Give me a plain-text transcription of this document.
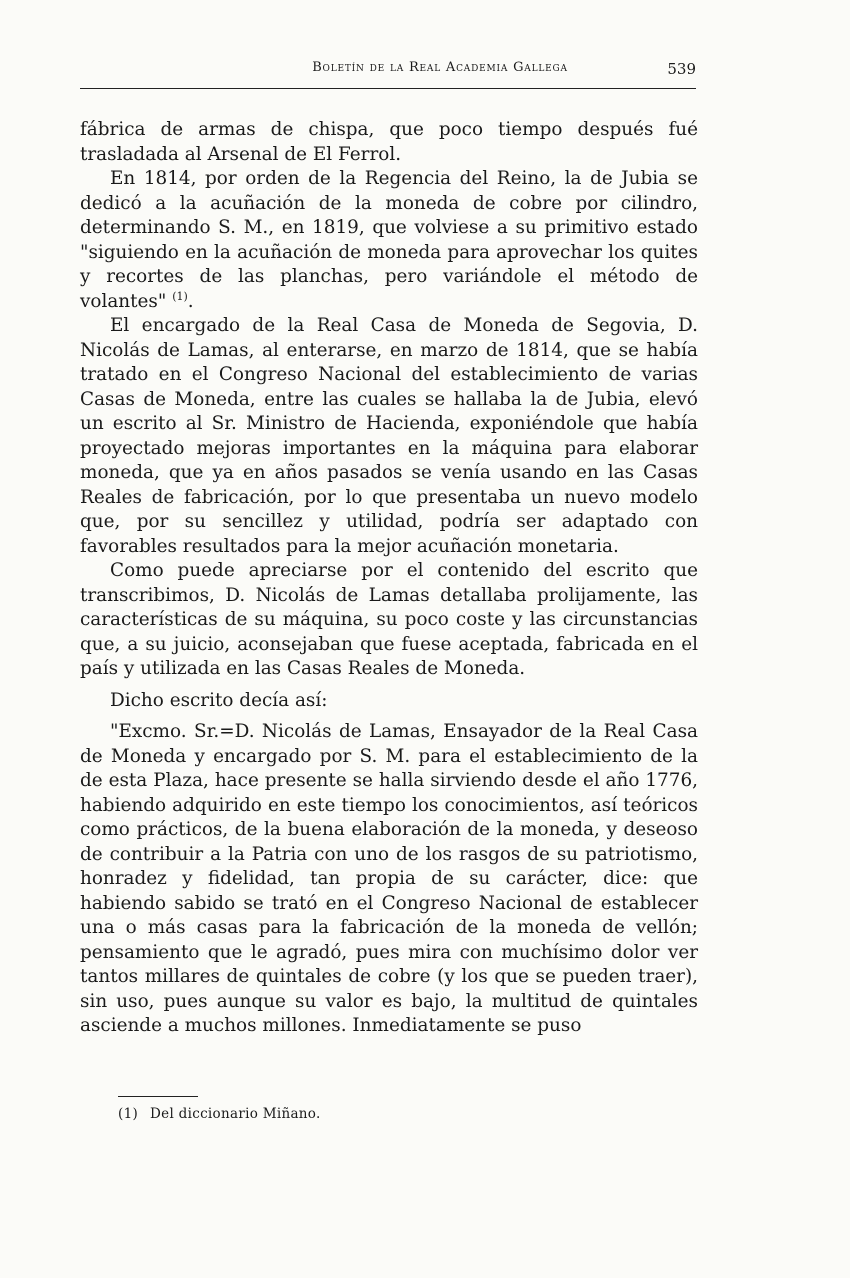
Boletín de la Real Academia Gallega	539

fábrica de armas de chispa, que poco tiempo después fué trasladada al Arsenal de El Ferrol.

En 1814, por orden de la Regencia del Reino, la de Jubia se dedicó a la acuñación de la moneda de cobre por cilindro, determinando S. M., en 1819, que volviese a su primitivo estado "siguiendo en la acuñación de moneda para aprovechar los quites y recortes de las planchas, pero variándole el método de volantes" $^{(1)}$.

El encargado de la Real Casa de Moneda de Segovia, D. Nicolás de Lamas, al enterarse, en marzo de 1814, que se había tratado en el Congreso Nacional del establecimiento de varias Casas de Moneda, entre las cuales se hallaba la de Jubia, elevó un escrito al Sr. Ministro de Hacienda, exponiéndole que había proyectado mejoras importantes en la máquina para elaborar moneda, que ya en años pasados se venía usando en las Casas Reales de fabricación, por lo que presentaba un nuevo modelo que, por su sencillez y utilidad, podría ser adaptado con favorables resultados para la mejor acuñación monetaria.

Como puede apreciarse por el contenido del escrito que transcribimos, D. Nicolás de Lamas detallaba prolijamente, las características de su máquina, su poco coste y las circunstancias que, a su juicio, aconsejaban que fuese aceptada, fabricada en el país y utilizada en las Casas Reales de Moneda.

Dicho escrito decía así:

"Excmo. Sr.=D. Nicolás de Lamas, Ensayador de la Real Casa de Moneda y encargado por S. M. para el establecimiento de la de esta Plaza, hace presente se halla sirviendo desde el año 1776, habiendo adquirido en este tiempo los conocimientos, así teóricos como prácticos, de la buena elaboración de la moneda, y deseoso de contribuir a la Patria con uno de los rasgos de su patriotismo, honradez y fidelidad, tan propia de su carácter, dice: que habiendo sabido se trató en el Congreso Nacional de establecer una o más casas para la fabricación de la moneda de vellón; pensamiento que le agradó, pues mira con muchísimo dolor ver tantos millares de quintales de cobre (y los que se pueden traer), sin uso, pues aunque su valor es bajo, la multitud de quintales asciende a muchos millones. Inmediatamente se puso

(1) Del diccionario Miñano.
